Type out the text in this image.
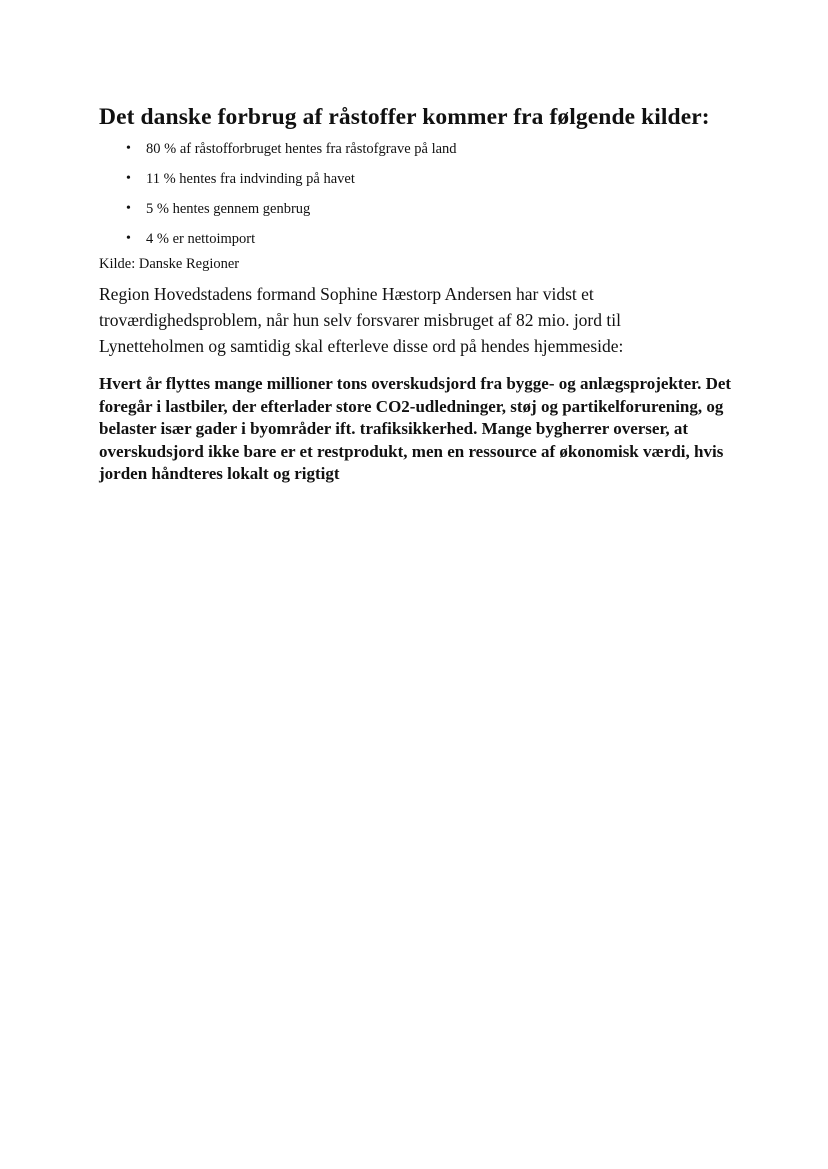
Det danske forbrug af råstoffer kommer fra følgende kilder:
• 80 % af råstofforbruget hentes fra råstofgrave på land
• 11 % hentes fra indvinding på havet
• 5 % hentes gennem genbrug
• 4 % er nettoimport

Kilde: Danske Regioner

Region Hovedstadens formand Sophine Hæstorp Andersen har vidst et troværdighedsproblem, når hun selv forsvarer misbruget af 82 mio. jord til Lynetteholmen og samtidig skal efterleve disse ord på hendes hjemmeside:

Hvert år flyttes mange millioner tons overskudsjord fra bygge- og anlægsprojekter. Det foregår i lastbiler, der efterlader store CO2-udledninger, støj og partikelforurening, og belaster især gader i byområder ift. trafiksikkerhed. Mange bygherrer overser, at overskudsjord ikke bare er et restprodukt, men en ressource af økonomisk værdi, hvis jorden håndteres lokalt og rigtigt
